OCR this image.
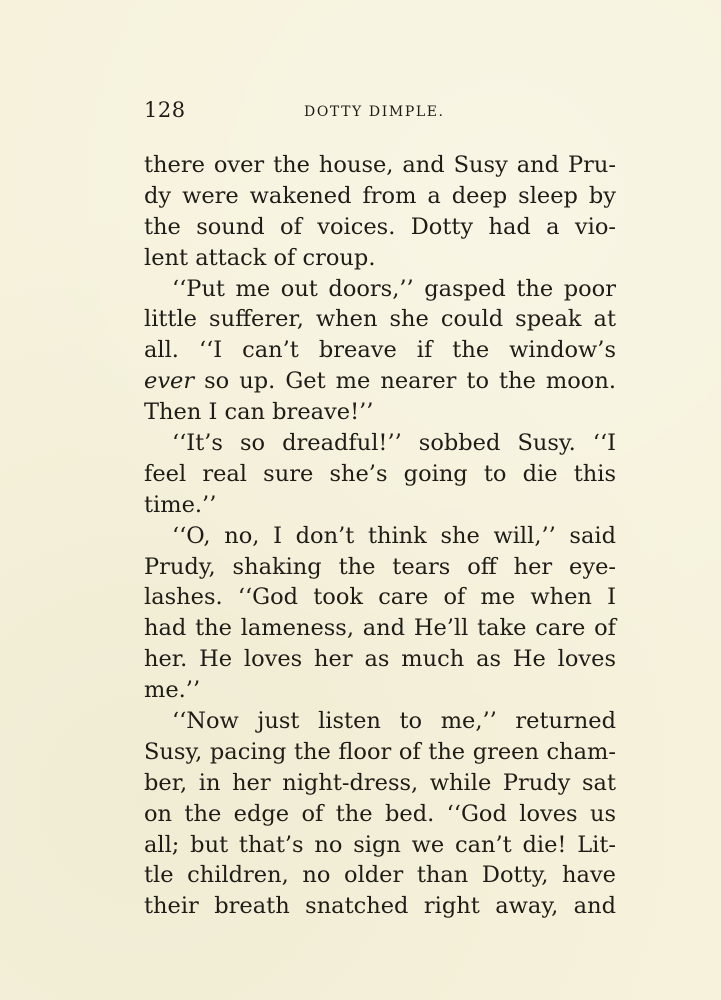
128	DOTTY DIMPLE.
there over the house, and Susy and Pru-
dy were wakened from a deep sleep by
the sound of voices. Dotty had a vio-
lent attack of croup.
‘‘Put me out doors,’’ gasped the poor
little sufferer, when she could speak at
all. ‘‘I can’t breave if the window’s
ever so up. Get me nearer to the moon.
Then I can breave!’’
‘‘It’s so dreadful!’’ sobbed Susy. ‘‘I
feel real sure she’s going to die this
time.’’
‘‘O, no, I don’t think she will,’’ said
Prudy, shaking the tears off her eye-
lashes. ‘‘God took care of me when I
had the lameness, and He’ll take care of
her. He loves her as much as He loves
me.’’
‘‘Now just listen to me,’’ returned
Susy, pacing the floor of the green cham-
ber, in her night-dress, while Prudy sat
on the edge of the bed. ‘‘God loves us
all; but that’s no sign we can’t die! Lit-
tle children, no older than Dotty, have
their breath snatched right away, and
